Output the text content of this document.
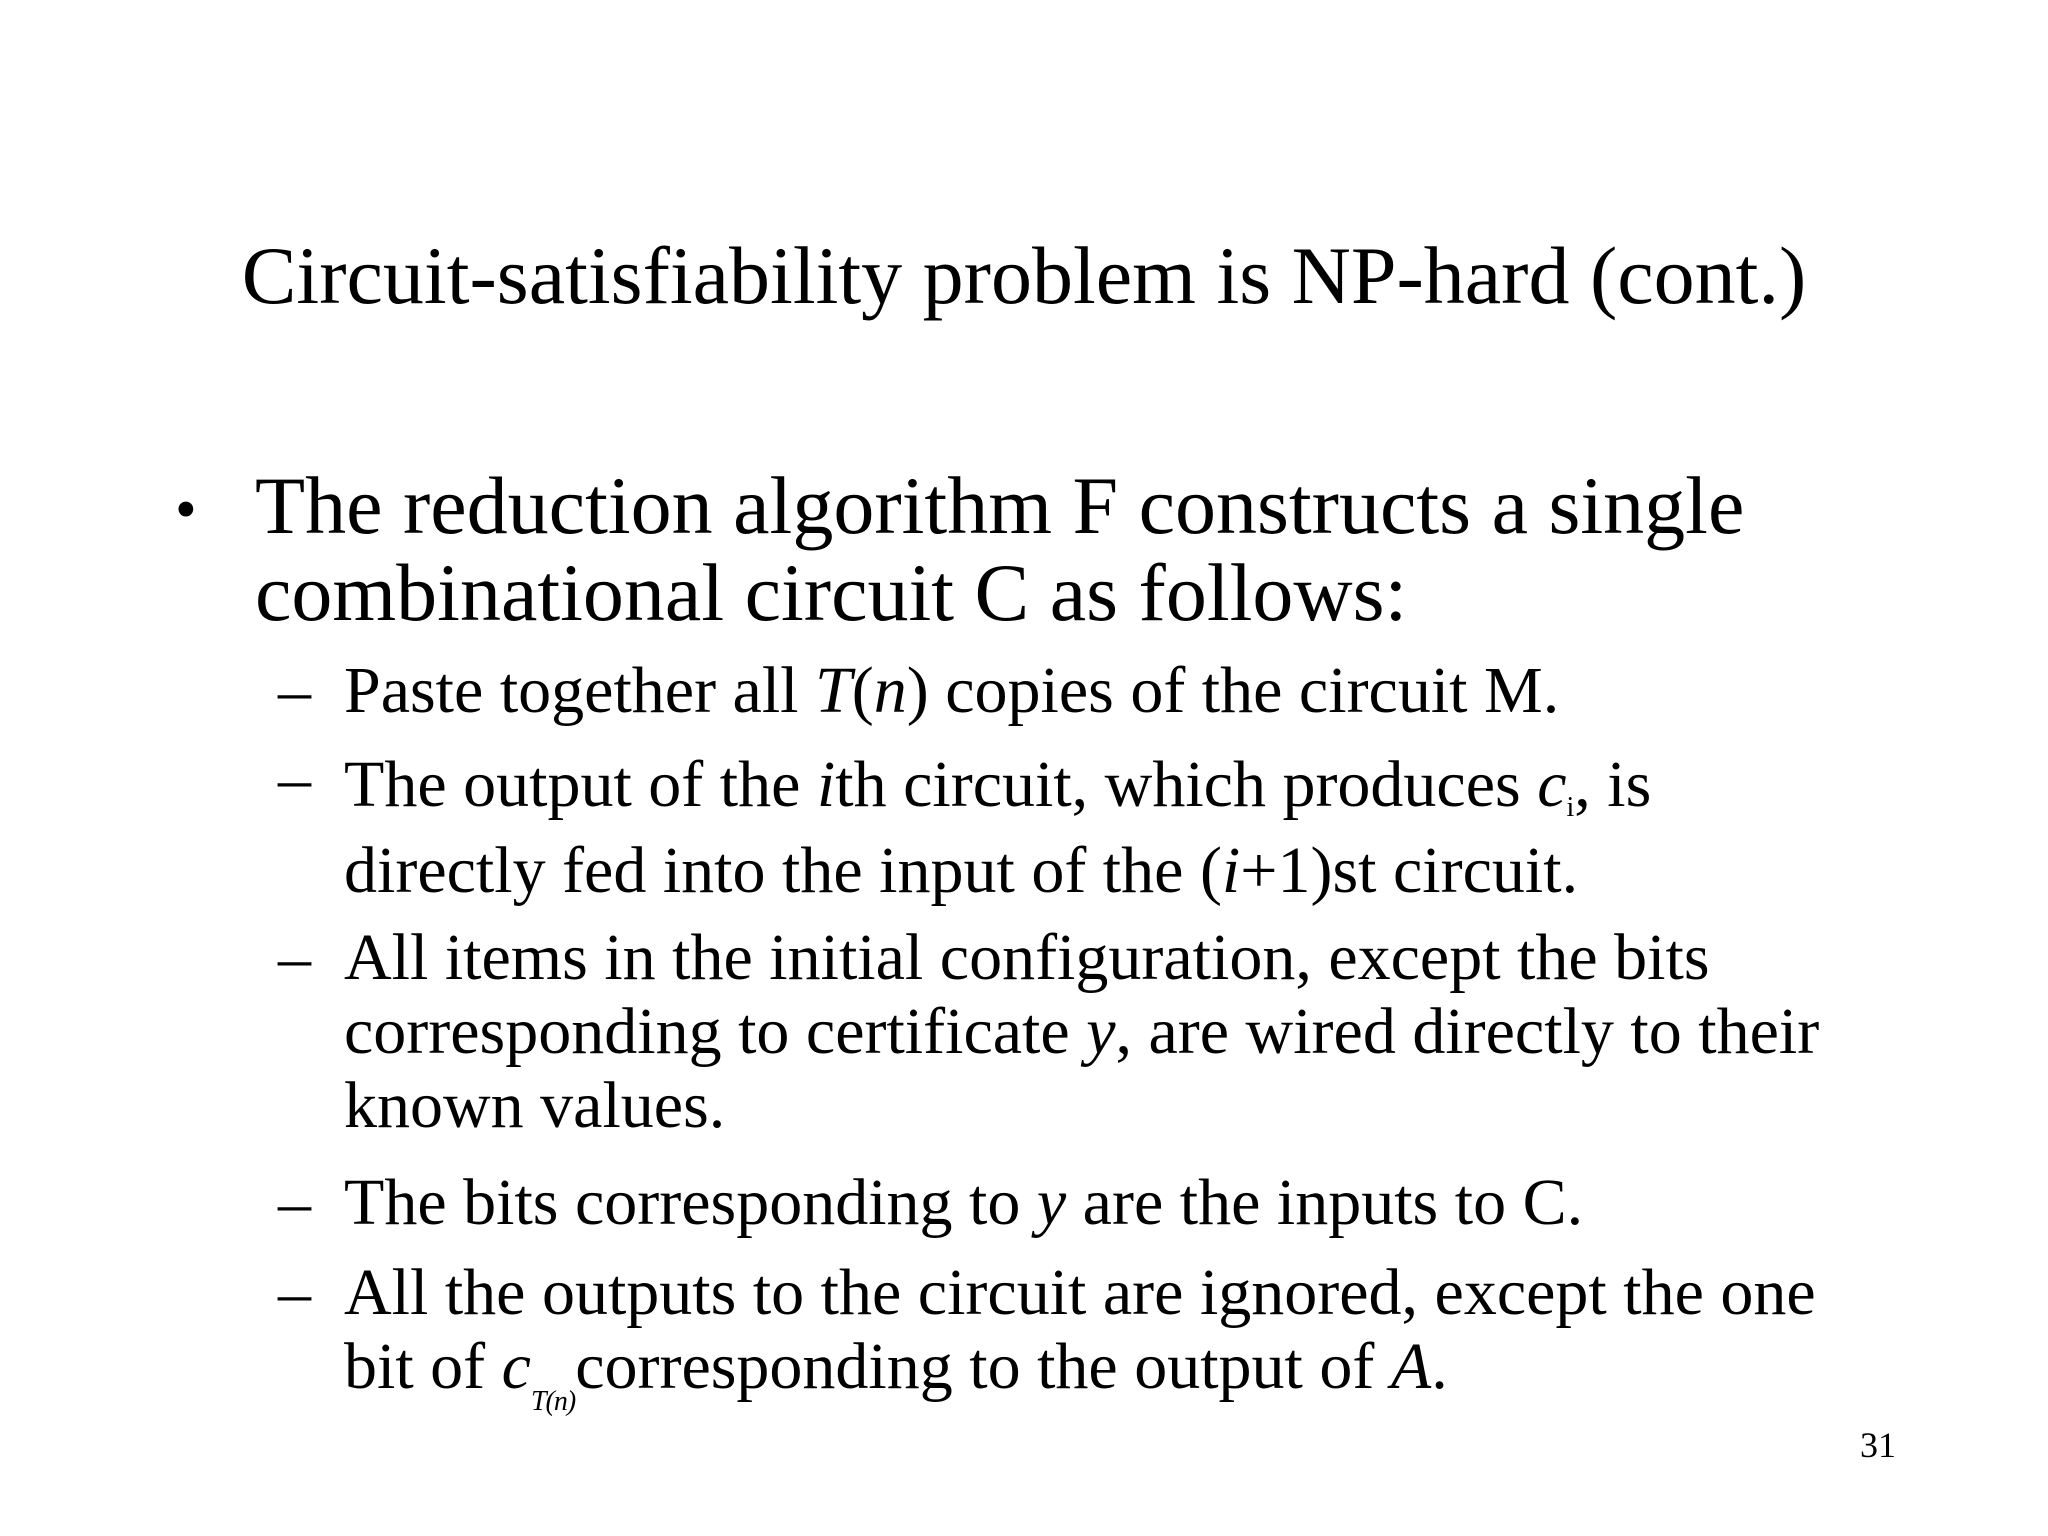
Circuit-satisfiability problem is NP-hard (cont.)
• The reduction algorithm F constructs a single
combinational circuit C as follows:
– Paste together all T(n) copies of the circuit M.
– The output of the ith circuit, which produces ci, is
directly fed into the input of the (i+1)st circuit.
– All items in the initial configuration, except the bits
corresponding to certificate y, are wired directly to their
known values.
– The bits corresponding to y are the inputs to C.
– All the outputs to the circuit are ignored, except the one
bit of $c_{T(n)}corresponding$ to the output of A.
31
